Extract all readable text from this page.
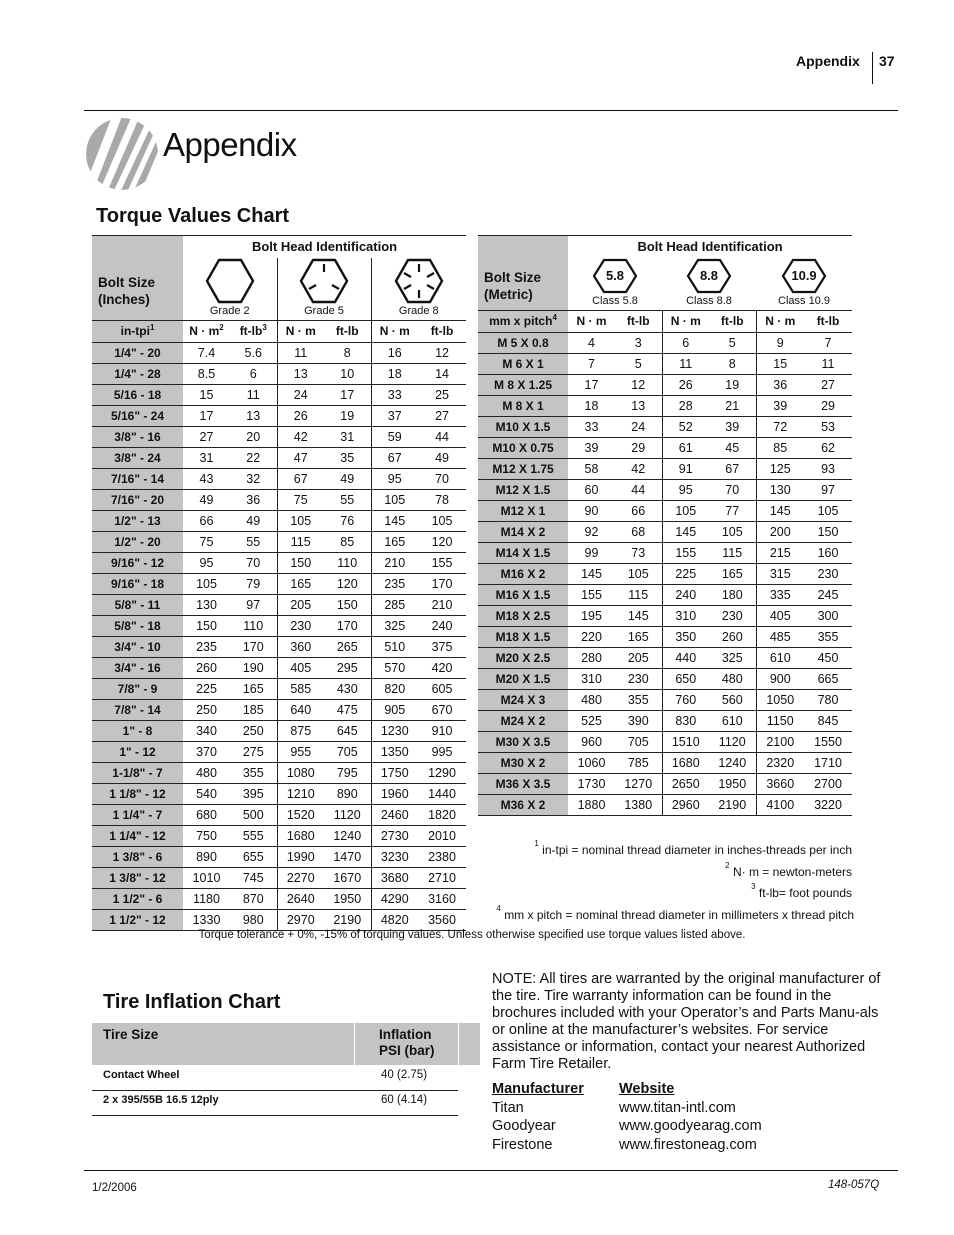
Appendix 37
Appendix
Torque Values Chart
Bolt Size
(Inches)	Bolt Head Identification					

	Grade 2		Grade 5		Grade 8	

in-tpi$^1$	$N \cdot m^2$	$ft-lb^3$	N · m	ft-lb	N · m	ft-lb
1/4" - 20	7.4	5.6	11	8	16	12
1/4" - 28	8.5	6	13	10	18	14
5/16 - 18	15	11	24	17	33	25
5/16" - 24	17	13	26	19	37	27
3/8" - 16	27	20	42	31	59	44
3/8" - 24	31	22	47	35	67	49
7/16" - 14	43	32	67	49	95	70
7/16" - 20	49	36	75	55	105	78
1/2" - 13	66	49	105	76	145	105
1/2" - 20	75	55	115	85	165	120
9/16" - 12	95	70	150	110	210	155
9/16" - 18	105	79	165	120	235	170
5/8" - 11	130	97	205	150	285	210
5/8" - 18	150	110	230	170	325	240
3/4" - 10	235	170	360	265	510	375
3/4" - 16	260	190	405	295	570	420
7/8" - 9	225	165	585	430	820	605
7/8" - 14	250	185	640	475	905	670
1" - 8	340	250	875	645	1230	910
1" - 12	370	275	955	705	1350	995
1-1/8" - 7	480	355	1080	795	1750	1290
1 1/8" - 12	540	395	1210	890	1960	1440
1 1/4" - 7	680	500	1520	1120	2460	1820
1 1/4" - 12	750	555	1680	1240	2730	2010
1 3/8" - 6	890	655	1990	1470	3230	2380
1 3/8" - 12	1010	745	2270	1670	3680	2710
1 1/2" - 6	1180	870	2640	1950	4290	3160
1 1/2" - 12	1330	980	2970	2190	4820	3560
Bolt Size
(Metric)	Bolt Head Identification					

	5.8
Class 5.8		8.8
Class 8.8		10.9
Class 10.9	

mm x pitch$^4$	N · m	ft-lb	N · m	ft-lb	N · m	ft-lb
M 5 X 0.8	4	3	6	5	9	7
M 6 X 1	7	5	11	8	15	11
M 8 X 1.25	17	12	26	19	36	27
M 8 X 1	18	13	28	21	39	29
M10 X 1.5	33	24	52	39	72	53
M10 X 0.75	39	29	61	45	85	62
M12 X 1.75	58	42	91	67	125	93
M12 X 1.5	60	44	95	70	130	97
M12 X 1	90	66	105	77	145	105
M14 X 2	92	68	145	105	200	150
M14 X 1.5	99	73	155	115	215	160
M16 X 2	145	105	225	165	315	230
M16 X 1.5	155	115	240	180	335	245
M18 X 2.5	195	145	310	230	405	300
M18 X 1.5	220	165	350	260	485	355
M20 X 2.5	280	205	440	325	610	450
M20 X 1.5	310	230	650	480	900	665
M24 X 3	480	355	760	560	1050	780
M24 X 2	525	390	830	610	1150	845
M30 X 3.5	960	705	1510	1120	2100	1550
M30 X 2	1060	785	1680	1240	2320	1710
M36 X 3.5	1730	1270	2650	1950	3660	2700
M36 X 2	1880	1380	2960	2190	4100	3220
$^1$ in-tpi = nominal thread diameter in inches-threads per inch
$^2$ N· m = newton-meters
$^3$ ft-lb= foot pounds
$^4$ mm x pitch = nominal thread diameter in millimeters x thread pitch
Torque tolerance + 0%, -15% of torquing values. Unless otherwise specified use torque values listed above.
Tire Inflation Chart
Tire Size	Inflation
PSI (bar)
Contact Wheel	40 (2.75)
2 x 395/55B 16.5 12ply	60 (4.14)
NOTE: All tires are warranted by the original manufacturer of the tire. Tire warranty information can be found in the brochures included with your Operator’s and Parts Manu-als or online at the manufacturer’s websites. For service assistance or information, contact your nearest Authorized Farm Tire Retailer.
Manufacturer Website
Titan	www.titan-intl.com
Goodyear	www.goodyearag.com
Firestone	www.firestoneag.com
1/2/2006	148-057Q
